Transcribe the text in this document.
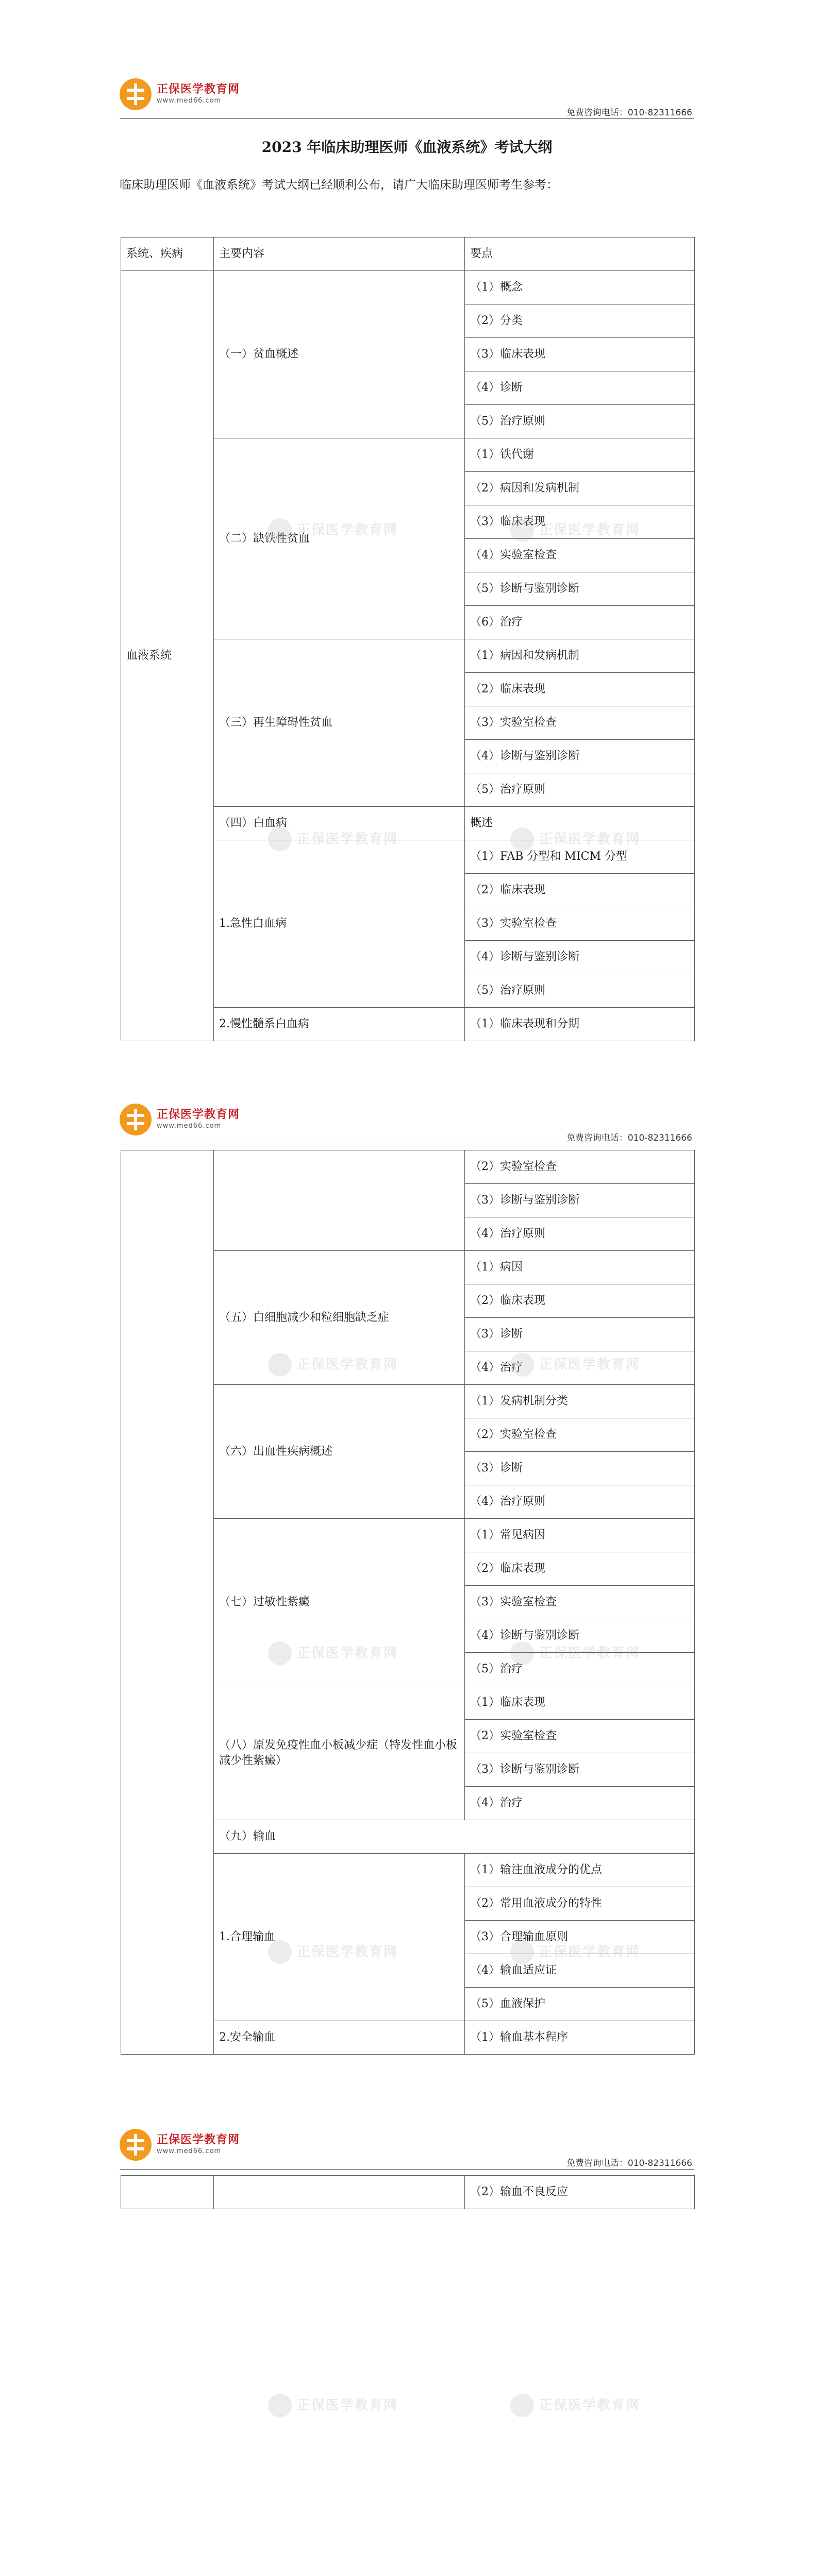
正保医学教育网
www.med66.com
免费咨询电话：010-82311666
2023 年临床助理医师《血液系统》考试大纲
临床助理医师《血液系统》考试大纲已经顺利公布，请广大临床助理医师考生参考：
系统、疾病	主要内容	要点
血液系统	（一）贫血概述	（1）概念
		（2）分类
		（3）临床表现
		（4）诊断
		（5）治疗原则
	（二）缺铁性贫血	（1）铁代谢
		（2）病因和发病机制
		（3）临床表现
		（4）实验室检查
		（5）诊断与鉴别诊断
		（6）治疗
	（三）再生障碍性贫血	（1）病因和发病机制
		（2）临床表现
		（3）实验室检查
		（4）诊断与鉴别诊断
		（5）治疗原则
	（四）白血病	概述
	1.急性白血病	（1）FAB 分型和 MICM 分型
		（2）临床表现
		（3）实验室检查
		（4）诊断与鉴别诊断
		（5）治疗原则
	2.慢性髓系白血病	（1）临床表现和分期
正保医学教育网
www.med66.com
免费咨询电话：010-82311666
		（2）实验室检查
		（3）诊断与鉴别诊断
		（4）治疗原则
	（五）白细胞减少和粒细胞缺乏症	（1）病因
		（2）临床表现
		（3）诊断
		（4）治疗
	（六）出血性疾病概述	（1）发病机制分类
		（2）实验室检查
		（3）诊断
		（4）治疗原则
	（七）过敏性紫癜	（1）常见病因
		（2）临床表现
		（3）实验室检查
		（4）诊断与鉴别诊断
		（5）治疗
	（八）原发免疫性血小板减少症（特发性血小板减少性紫癜）	（1）临床表现
		（2）实验室检查
		（3）诊断与鉴别诊断
		（4）治疗
	（九）输血	
	1.合理输血	（1）输注血液成分的优点
		（2）常用血液成分的特性
		（3）合理输血原则
		（4）输血适应证
		（5）血液保护
	2.安全输血	（1）输血基本程序
正保医学教育网
www.med66.com
免费咨询电话：010-82311666
		（2）输血不良反应
正保医学教育网	正保医学教育网
正保医学教育网	正保医学教育网
正保医学教育网	正保医学教育网
正保医学教育网	正保医学教育网
正保医学教育网	正保医学教育网
正保医学教育网	正保医学教育网
